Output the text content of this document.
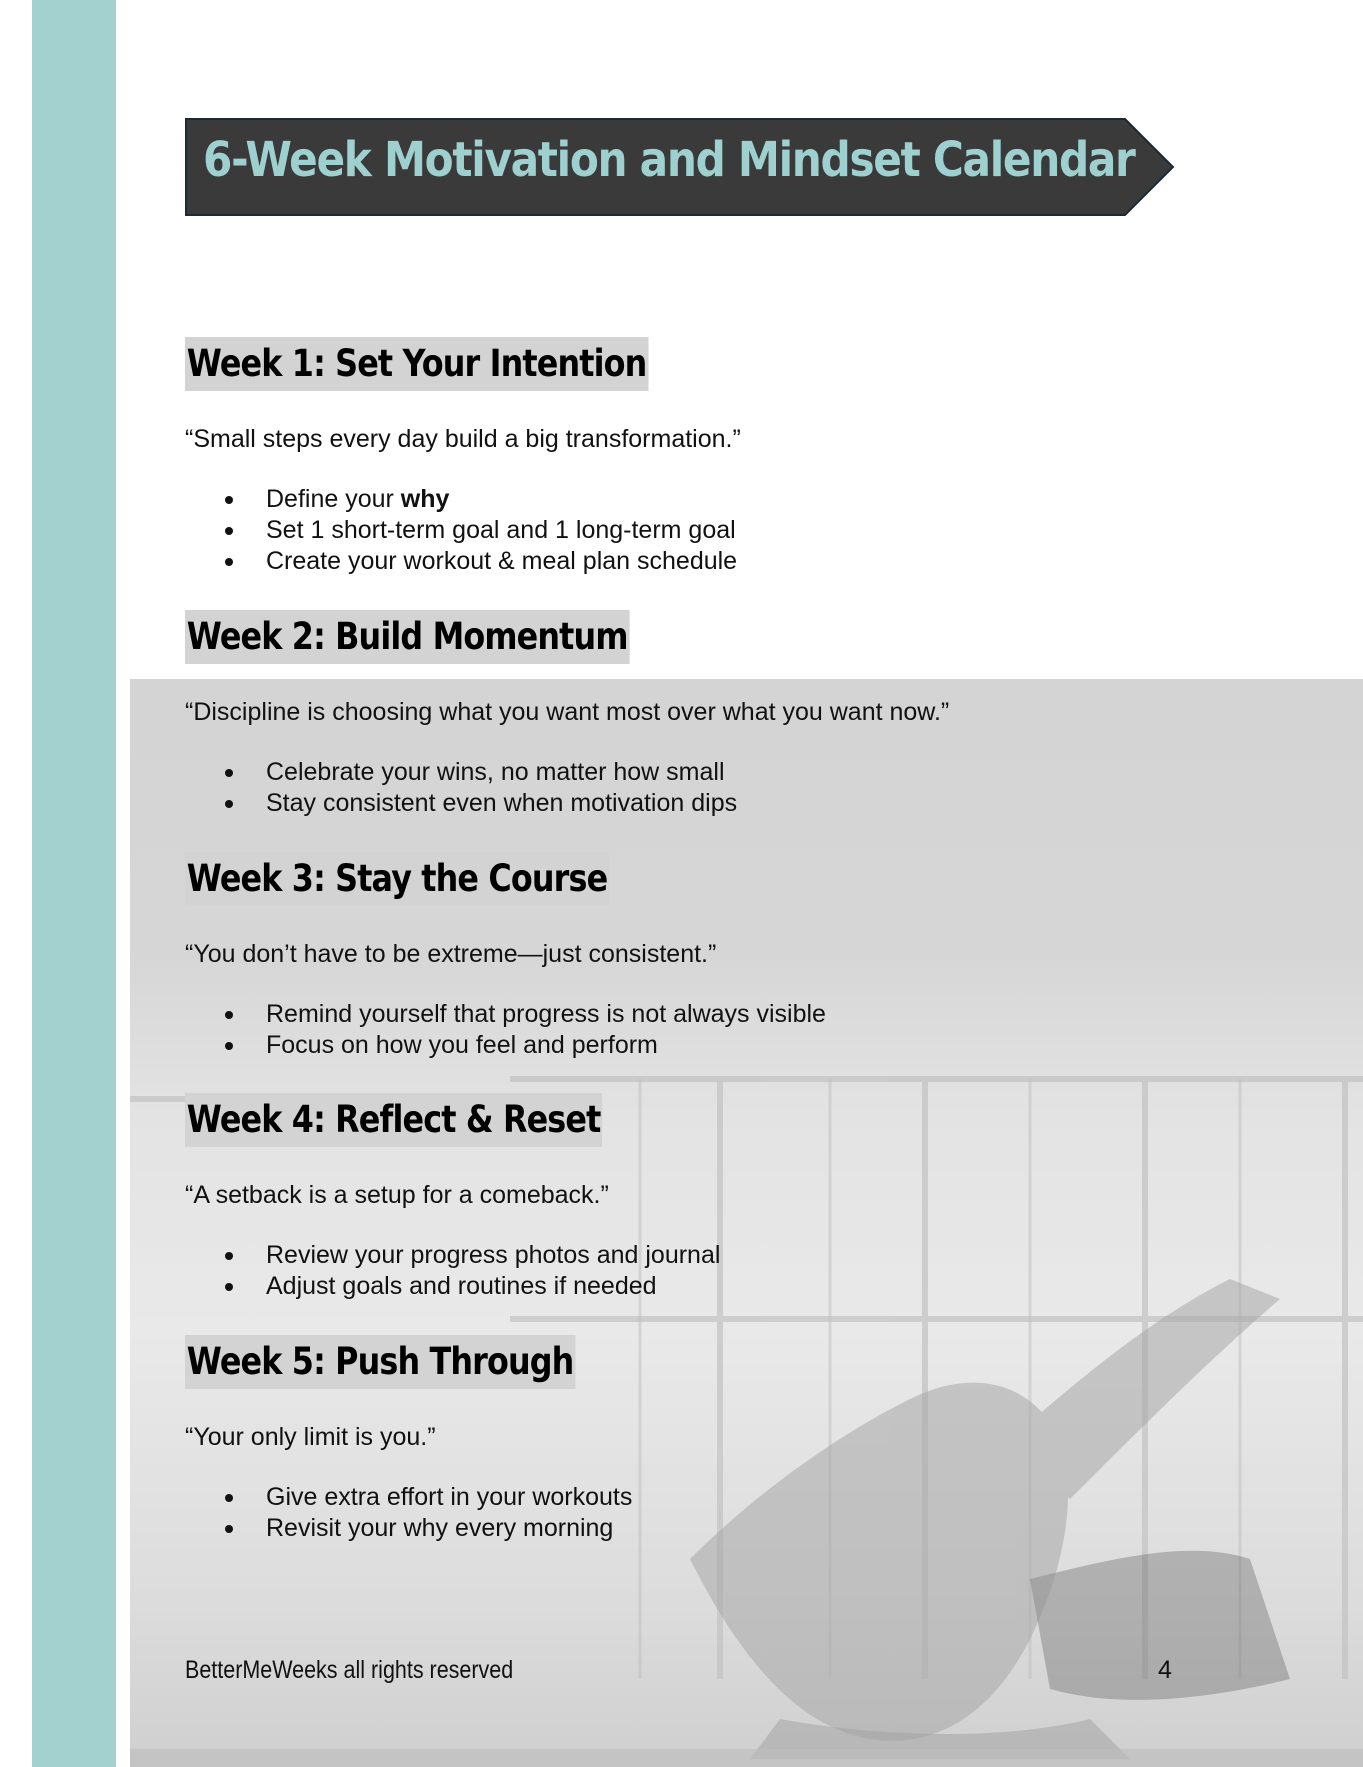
6-Week Motivation and Mindset Calendar
Week 1: Set Your Intention
“Small steps every day build a big transformation.”
Define your why
Set 1 short-term goal and 1 long-term goal
Create your workout & meal plan schedule
Week 2: Build Momentum
“Discipline is choosing what you want most over what you want now.”
Celebrate your wins, no matter how small
Stay consistent even when motivation dips
Week 3: Stay the Course
“You don’t have to be extreme—just consistent.”
Remind yourself that progress is not always visible
Focus on how you feel and perform
Week 4: Reflect & Reset
“A setback is a setup for a comeback.”
Review your progress photos and journal
Adjust goals and routines if needed
Week 5: Push Through
“Your only limit is you.”
Give extra effort in your workouts
Revisit your why every morning
BetterMeWeeks all rights reserved	4
